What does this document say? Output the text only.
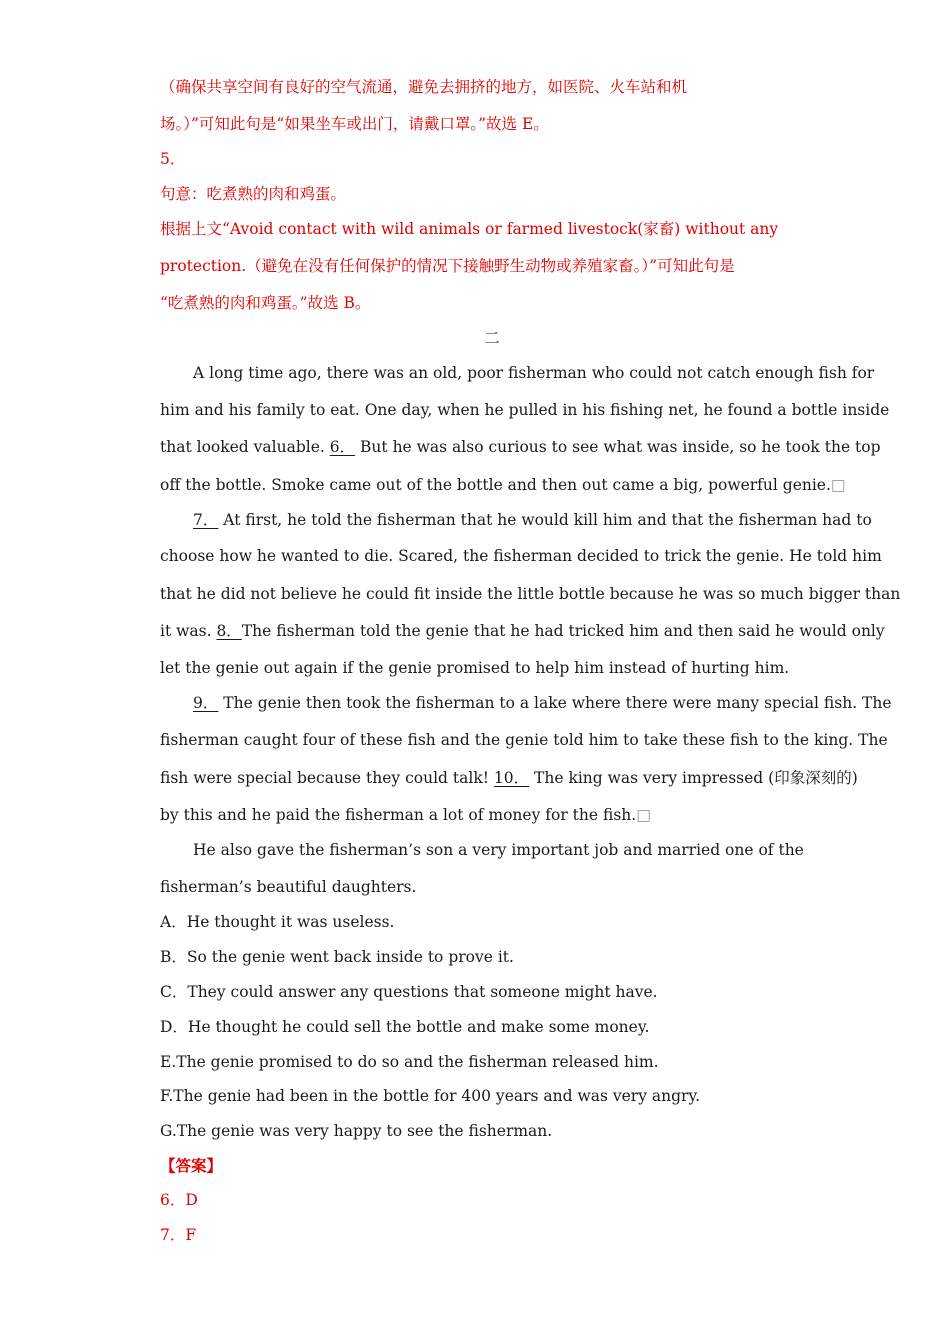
（确保共享空间有良好的空气流通，避免去拥挤的地方，如医院、火车站和机
场。）”可知此句是“如果坐车或出门，请戴口罩。”故选 E。
5．
句意：吃煮熟的肉和鸡蛋。
根据上文“Avoid contact with wild animals or farmed livestock(家畜) without any
protection.（避免在没有任何保护的情况下接触野生动物或养殖家畜。）”可知此句是
“吃煮熟的肉和鸡蛋。”故选 B。
二
A long time ago, there was an old, poor fisherman who could not catch enough fish for
him and his family to eat. One day, when he pulled in his fishing net, he found a bottle inside
that looked valuable. 6． But he was also curious to see what was inside, so he took the top
off the bottle. Smoke came out of the bottle and then out came a big, powerful genie.□
7． At first, he told the fisherman that he would kill him and that the fisherman had to
choose how he wanted to die. Scared, the fisherman decided to trick the genie. He told him
that he did not believe he could fit inside the little bottle because he was so much bigger than
it was. 8．The fisherman told the genie that he had tricked him and then said he would only
let the genie out again if the genie promised to help him instead of hurting him.
9． The genie then took the fisherman to a lake where there were many special fish. The
fisherman caught four of these fish and the genie told him to take these fish to the king. The
fish were special because they could talk! 10． The king was very impressed (印象深刻的)
by this and he paid the fisherman a lot of money for the fish.□
He also gave the fisherman’s son a very important job and married one of the
fisherman’s beautiful daughters.
A．He thought it was useless.
B．So the genie went back inside to prove it.
C．They could answer any questions that someone might have.
D．He thought he could sell the bottle and make some money.
E.The genie promised to do so and the fisherman released him.
F.The genie had been in the bottle for 400 years and was very angry.
G.The genie was very happy to see the fisherman.
【答案】
6．D
7．F
